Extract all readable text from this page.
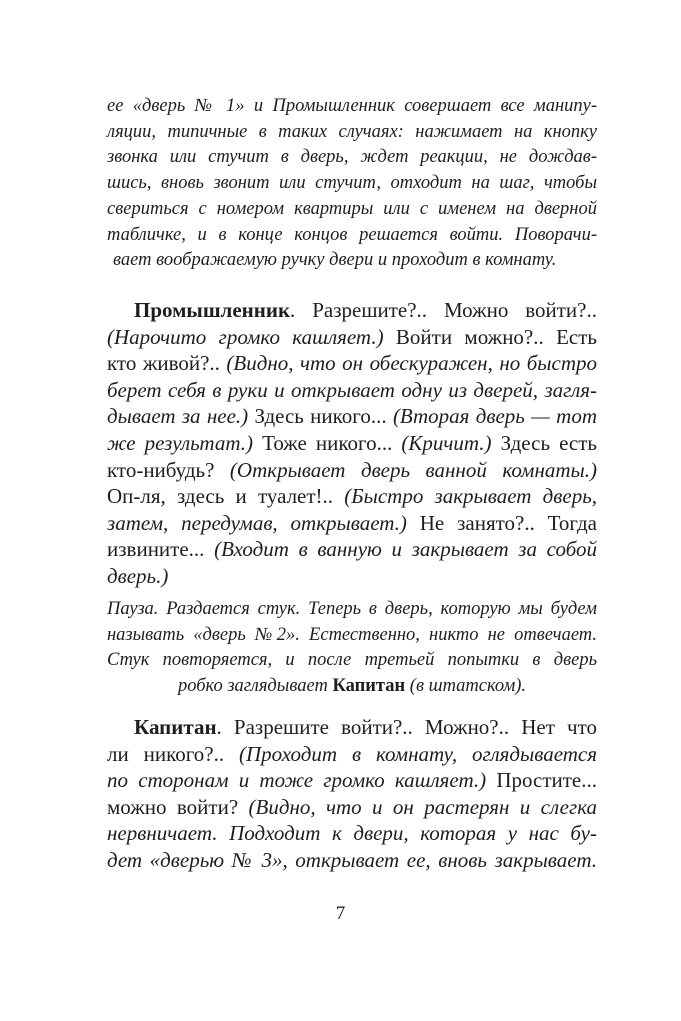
ее «дверь № 1» и Промышленник совершает все манипу-
ляции, типичные в таких случаях: нажимает на кнопку
звонка или стучит в дверь, ждет реакции, не дождав-
шись, вновь звонит или стучит, отходит на шаг, чтобы
свериться с номером квартиры или с именем на дверной
табличке, и в конце концов решается войти. Поворачи-
вает воображаемую ручку двери и проходит в комнату.
Промышленник. Разрешите?.. Можно войти?..
(Нарочито громко кашляет.) Войти можно?.. Есть
кто живой?.. (Видно, что он обескуражен, но быстро
берет себя в руки и открывает одну из дверей, загля-
дывает за нее.) Здесь никого... (Вторая дверь — тот
же результат.) Тоже никого... (Кричит.) Здесь есть
кто-нибудь? (Открывает дверь ванной комнаты.)
Оп-ля, здесь и туалет!.. (Быстро закрывает дверь,
затем, передумав, открывает.) Не занято?.. Тогда
извините... (Входит в ванную и закрывает за собой
дверь.)
Пауза. Раздается стук. Теперь в дверь, которую мы будем
называть «дверь №2». Естественно, никто не отвечает.
Стук повторяется, и после третьей попытки в дверь
робко заглядывает Капитан (в штатском).
Капитан. Разрешите войти?.. Можно?.. Нет что
ли никого?.. (Проходит в комнату, оглядывается
по сторонам и тоже громко кашляет.) Простите...
можно войти? (Видно, что и он растерян и слегка
нервничает. Подходит к двери, которая у нас бу-
дет «дверью № 3», открывает ее, вновь закрывает.
7
